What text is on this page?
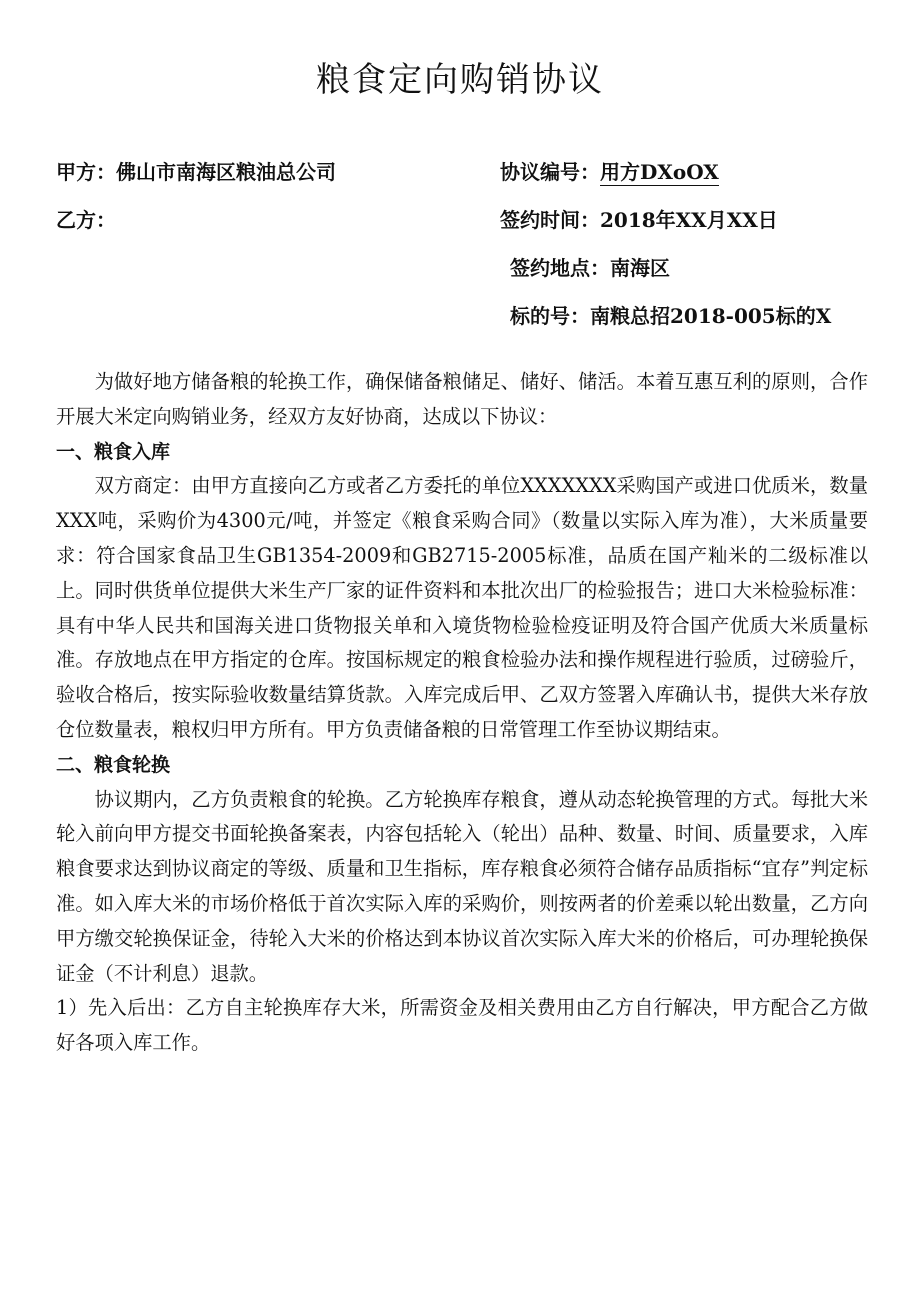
粮食定向购销协议
甲方：佛山市南海区粮油总公司
乙方：
协议编号：用方DXoOX
签约时间：2018年XX月XX日
签约地点：南海区
标的号：南粮总招2018-005标的X

为做好地方储备粮的轮换工作，确保储备粮储足、储好、储活。本着互惠互利的原则，合作开展大米定向购销业务，经双方友好协商，达成以下协议：

一、粮食入库

双方商定：由甲方直接向乙方或者乙方委托的单位XXXXXXX采购国产或进口优质米，数量XXX吨，采购价为4300元/吨，并签定《粮食采购合同》（数量以实际入库为准），大米质量要求：符合国家食品卫生GB1354-2009和GB2715-2005标准，品质在国产籼米的二级标准以上。同时供货单位提供大米生产厂家的证件资料和本批次出厂的检验报告；进口大米检验标准：具有中华人民共和国海关进口货物报关单和入境货物检验检疫证明及符合国产优质大米质量标准。存放地点在甲方指定的仓库。按国标规定的粮食检验办法和操作规程进行验质，过磅验斤，验收合格后，按实际验收数量结算货款。入库完成后甲、乙双方签署入库确认书，提供大米存放仓位数量表，粮权归甲方所有。甲方负责储备粮的日常管理工作至协议期结束。

二、粮食轮换

协议期内，乙方负责粮食的轮换。乙方轮换库存粮食，遵从动态轮换管理的方式。每批大米轮入前向甲方提交书面轮换备案表，内容包括轮入（轮出）品种、数量、时间、质量要求，入库粮食要求达到协议商定的等级、质量和卫生指标，库存粮食必须符合储存品质指标“宜存”判定标准。如入库大米的市场价格低于首次实际入库的采购价，则按两者的价差乘以轮出数量，乙方向甲方缴交轮换保证金，待轮入大米的价格达到本协议首次实际入库大米的价格后，可办理轮换保证金（不计利息）退款。

1）先入后出：乙方自主轮换库存大米，所需资金及相关费用由乙方自行解决，甲方配合乙方做好各项入库工作。
